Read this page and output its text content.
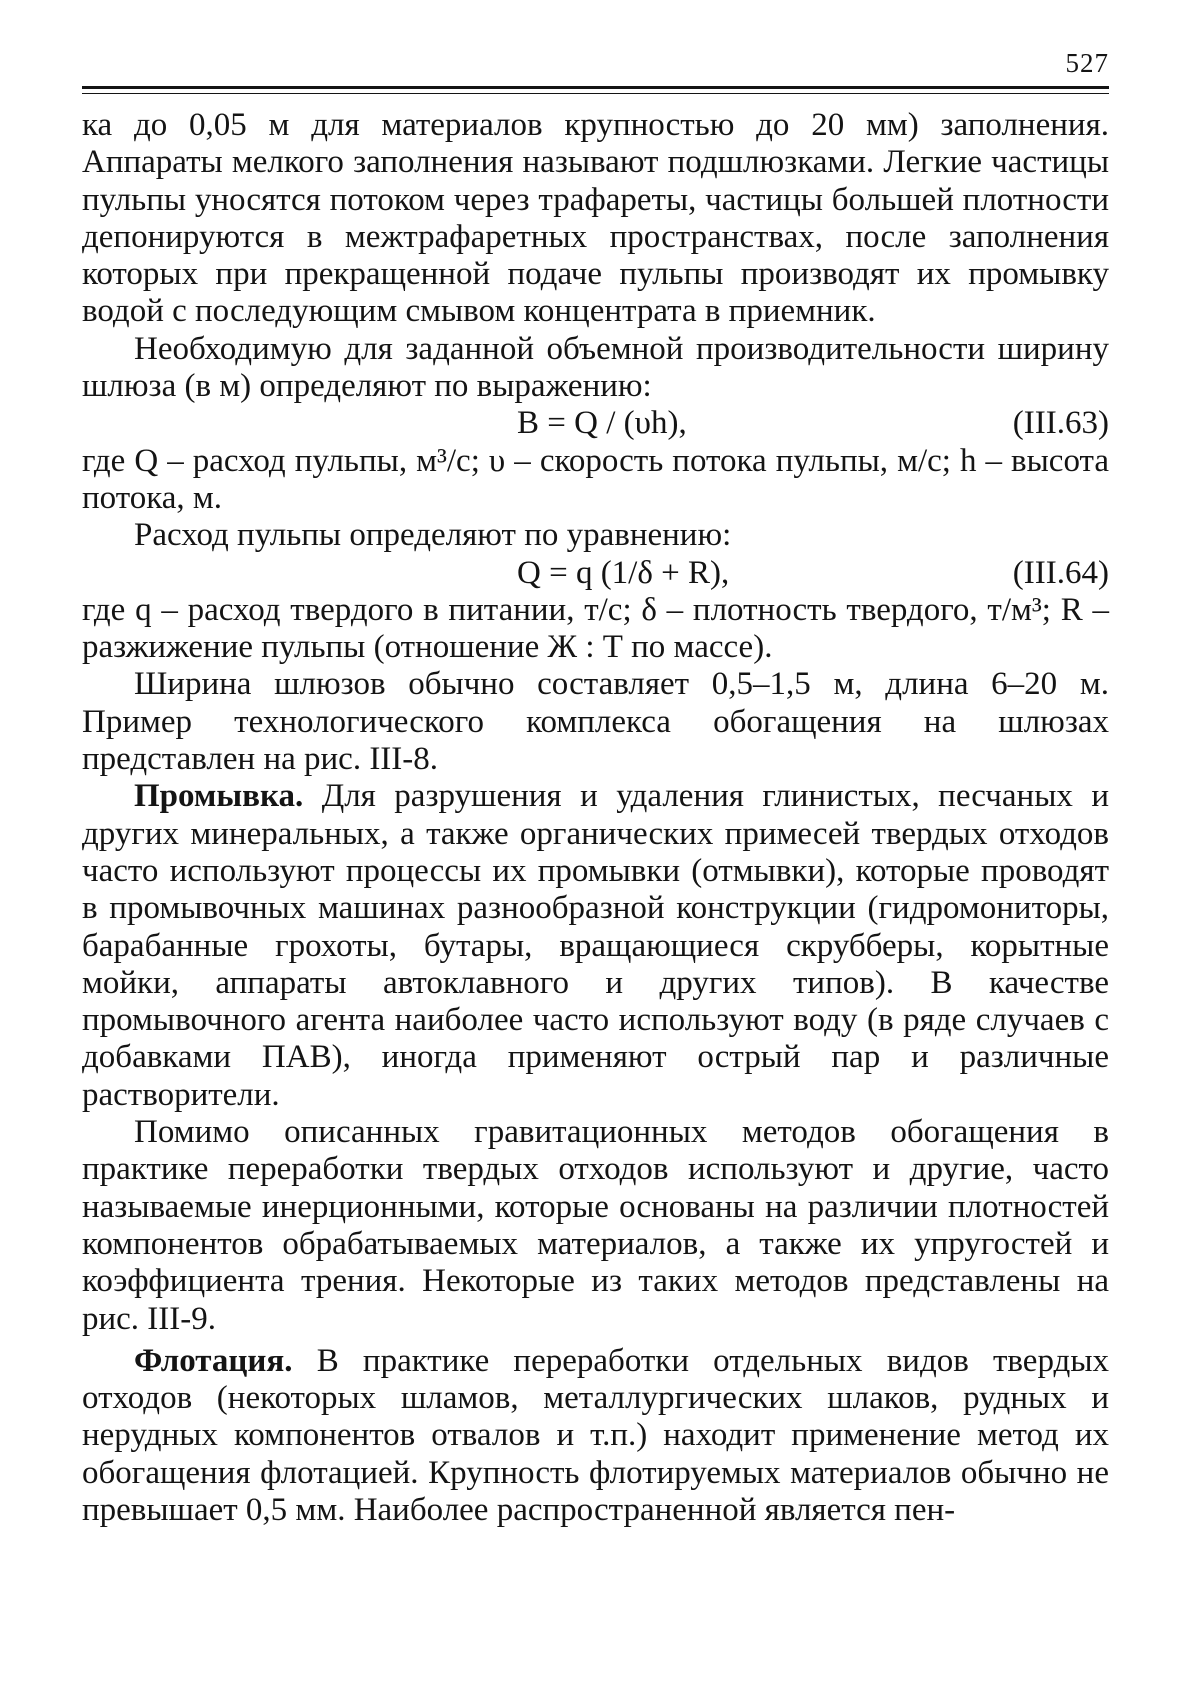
527

ка до 0,05 м для материалов крупностью до 20 мм) заполнения. Аппараты мелкого заполнения называют подшлюзками. Легкие частицы пульпы уносятся потоком через трафареты, частицы большей плотности депонируются в межтрафаретных пространствах, после заполнения которых при прекращенной подаче пульпы производят их промывку водой с последующим смывом концентрата в приемник.

Необходимую для заданной объемной производительности ширину шлюза (в м) определяют по выражению:

B = Q / (υh),	(III.63)

где Q – расход пульпы, м³/с; υ – скорость потока пульпы, м/с; h – высота потока, м.

Расход пульпы определяют по уравнению:

Q = q (1/δ + R),	(III.64)

где q – расход твердого в питании, т/с; δ – плотность твердого, т/м³; R – разжижение пульпы (отношение Ж : Т по массе).

Ширина шлюзов обычно составляет 0,5–1,5 м, длина 6–20 м. Пример технологического комплекса обогащения на шлюзах представлен на рис. III-8.

Промывка. Для разрушения и удаления глинистых, песчаных и других минеральных, а также органических примесей твердых отходов часто используют процессы их промывки (отмывки), которые проводят в промывочных машинах разнообразной конструкции (гидромониторы, барабанные грохоты, бутары, вращающиеся скрубберы, корытные мойки, аппараты автоклавного и других типов). В качестве промывочного агента наиболее часто используют воду (в ряде случаев с добавками ПАВ), иногда применяют острый пар и различные растворители.

Помимо описанных гравитационных методов обогащения в практике переработки твердых отходов используют и другие, часто называемые инерционными, которые основаны на различии плотностей компонентов обрабатываемых материалов, а также их упругостей и коэффициента трения. Некоторые из таких методов представлены на рис. III-9.

Флотация. В практике переработки отдельных видов твердых отходов (некоторых шламов, металлургических шлаков, рудных и нерудных компонентов отвалов и т.п.) находит применение метод их обогащения флотацией. Крупность флотируемых материалов обычно не превышает 0,5 мм. Наиболее распространенной является пен-
